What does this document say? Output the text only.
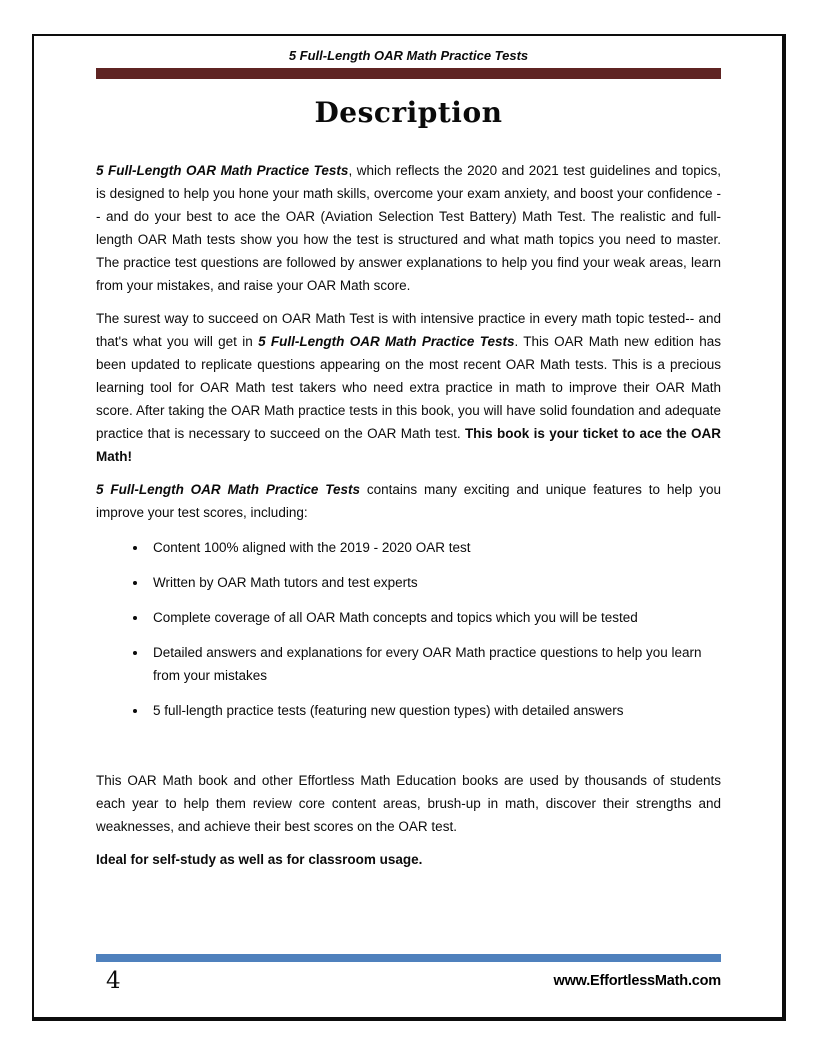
5 Full-Length OAR Math Practice Tests
Description

5 Full-Length OAR Math Practice Tests, which reflects the 2020 and 2021 test guidelines and topics, is designed to help you hone your math skills, overcome your exam anxiety, and boost your confidence -- and do your best to ace the OAR (Aviation Selection Test Battery) Math Test. The realistic and full-length OAR Math tests show you how the test is structured and what math topics you need to master. The practice test questions are followed by answer explanations to help you find your weak areas, learn from your mistakes, and raise your OAR Math score.

The surest way to succeed on OAR Math Test is with intensive practice in every math topic tested-- and that's what you will get in 5 Full-Length OAR Math Practice Tests. This OAR Math new edition has been updated to replicate questions appearing on the most recent OAR Math tests. This is a precious learning tool for OAR Math test takers who need extra practice in math to improve their OAR Math score. After taking the OAR Math practice tests in this book, you will have solid foundation and adequate practice that is necessary to succeed on the OAR Math test. This book is your ticket to ace the OAR Math!

5 Full-Length OAR Math Practice Tests contains many exciting and unique features to help you improve your test scores, including:

• Content 100% aligned with the 2019 - 2020 OAR test
• Written by OAR Math tutors and test experts
• Complete coverage of all OAR Math concepts and topics which you will be tested
• Detailed answers and explanations for every OAR Math practice questions to help you learn from your mistakes
• 5 full-length practice tests (featuring new question types) with detailed answers

This OAR Math book and other Effortless Math Education books are used by thousands of students each year to help them review core content areas, brush-up in math, discover their strengths and weaknesses, and achieve their best scores on the OAR test.

Ideal for self-study as well as for classroom usage.

4	www.EffortlessMath.com
